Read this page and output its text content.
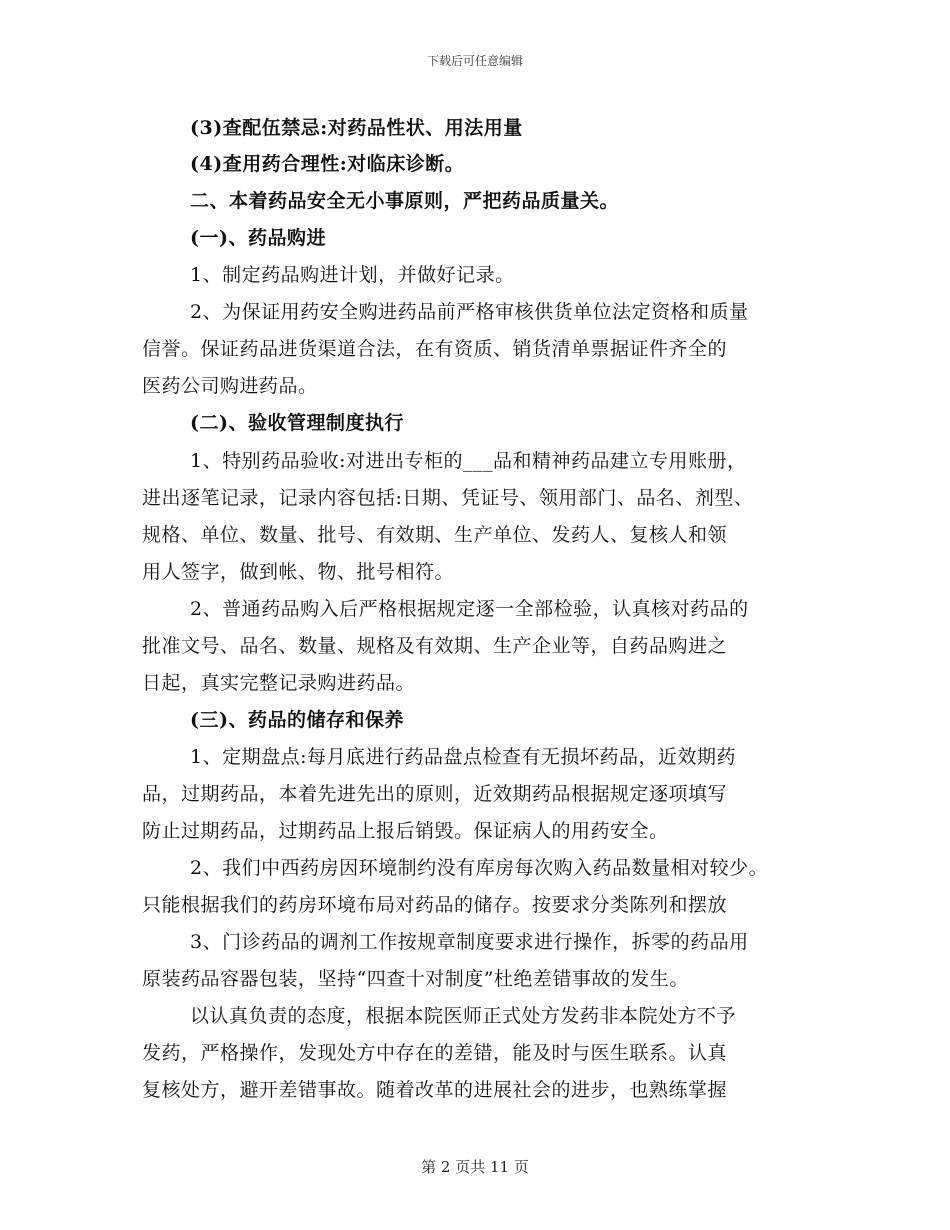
下载后可任意编辑
(3)查配伍禁忌:对药品性状、用法用量
(4)查用药合理性:对临床诊断。
二、本着药品安全无小事原则，严把药品质量关。
(一)、药品购进
1、制定药品购进计划，并做好记录。
2、为保证用药安全购进药品前严格审核供货单位法定资格和质量
信誉。保证药品进货渠道合法，在有资质、销货清单票据证件齐全的
医药公司购进药品。
(二)、验收管理制度执行
1、特别药品验收:对进出专柜的___品和精神药品建立专用账册，
进出逐笔记录，记录内容包括:日期、凭证号、领用部门、品名、剂型、
规格、单位、数量、批号、有效期、生产单位、发药人、复核人和领
用人签字，做到帐、物、批号相符。
2、普通药品购入后严格根据规定逐一全部检验，认真核对药品的
批准文号、品名、数量、规格及有效期、生产企业等，自药品购进之
日起，真实完整记录购进药品。
(三)、药品的储存和保养
1、定期盘点:每月底进行药品盘点检查有无损坏药品，近效期药
品，过期药品，本着先进先出的原则，近效期药品根据规定逐项填写
防止过期药品，过期药品上报后销毁。保证病人的用药安全。
2、我们中西药房因环境制约没有库房每次购入药品数量相对较少。
只能根据我们的药房环境布局对药品的储存。按要求分类陈列和摆放
3、门诊药品的调剂工作按规章制度要求进行操作，拆零的药品用
原装药品容器包装，坚持“四查十对制度”杜绝差错事故的发生。
以认真负责的态度，根据本院医师正式处方发药非本院处方不予
发药，严格操作，发现处方中存在的差错，能及时与医生联系。认真
复核处方，避开差错事故。随着改革的进展社会的进步，也熟练掌握
第 2 页共 11 页
